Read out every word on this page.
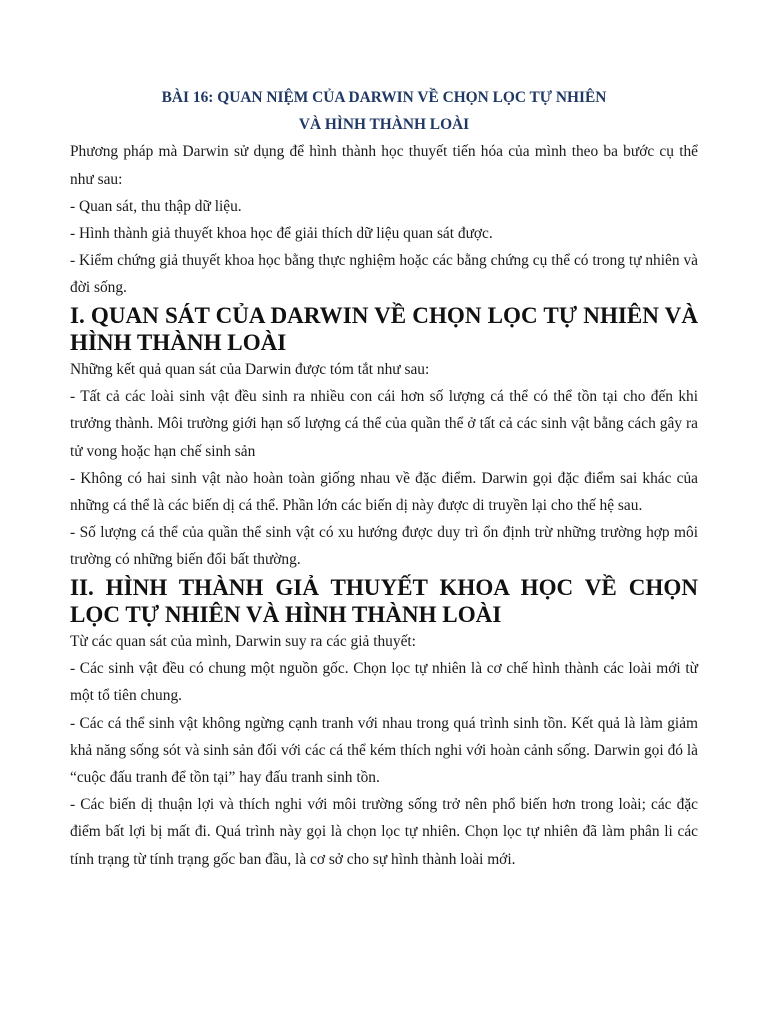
BÀI 16: QUAN NIỆM CỦA DARWIN VỀ CHỌN LỌC TỰ NHIÊN
VÀ HÌNH THÀNH LOÀI

Phương pháp mà Darwin sử dụng để hình thành học thuyết tiến hóa của mình theo ba bước cụ thể như sau:

- Quan sát, thu thập dữ liệu.

- Hình thành giả thuyết khoa học để giải thích dữ liệu quan sát được.

- Kiểm chứng giả thuyết khoa học bằng thực nghiệm hoặc các bằng chứng cụ thể có trong tự nhiên và đời sống.

I. QUAN SÁT CỦA DARWIN VỀ CHỌN LỌC TỰ NHIÊN VÀ HÌNH THÀNH LOÀI

Những kết quả quan sát của Darwin được tóm tắt như sau:

- Tất cả các loài sinh vật đều sinh ra nhiều con cái hơn số lượng cá thể có thể tồn tại cho đến khi trưởng thành. Môi trường giới hạn số lượng cá thể của quần thể ở tất cả các sinh vật bằng cách gây ra tử vong hoặc hạn chế sinh sản

- Không có hai sinh vật nào hoàn toàn giống nhau về đặc điểm. Darwin gọi đặc điểm sai khác của những cá thể là các biến dị cá thể. Phần lớn các biến dị này được di truyền lại cho thế hệ sau.

- Số lượng cá thể của quần thể sinh vật có xu hướng được duy trì ổn định trừ những trường hợp môi trường có những biến đổi bất thường.

II. HÌNH THÀNH GIẢ THUYẾT KHOA HỌC VỀ CHỌN LỌC TỰ NHIÊN VÀ HÌNH THÀNH LOÀI

Từ các quan sát của mình, Darwin suy ra các giả thuyết:

- Các sinh vật đều có chung một nguồn gốc. Chọn lọc tự nhiên là cơ chế hình thành các loài mới từ một tổ tiên chung.

- Các cá thể sinh vật không ngừng cạnh tranh với nhau trong quá trình sinh tồn. Kết quả là làm giảm khả năng sống sót và sinh sản đối với các cá thể kém thích nghi với hoàn cảnh sống. Darwin gọi đó là “cuộc đấu tranh để tồn tại” hay đấu tranh sinh tồn.

- Các biến dị thuận lợi và thích nghi với môi trường sống trở nên phổ biến hơn trong loài; các đặc điểm bất lợi bị mất đi. Quá trình này gọi là chọn lọc tự nhiên. Chọn lọc tự nhiên đã làm phân li các tính trạng từ tính trạng gốc ban đầu, là cơ sở cho sự hình thành loài mới.
